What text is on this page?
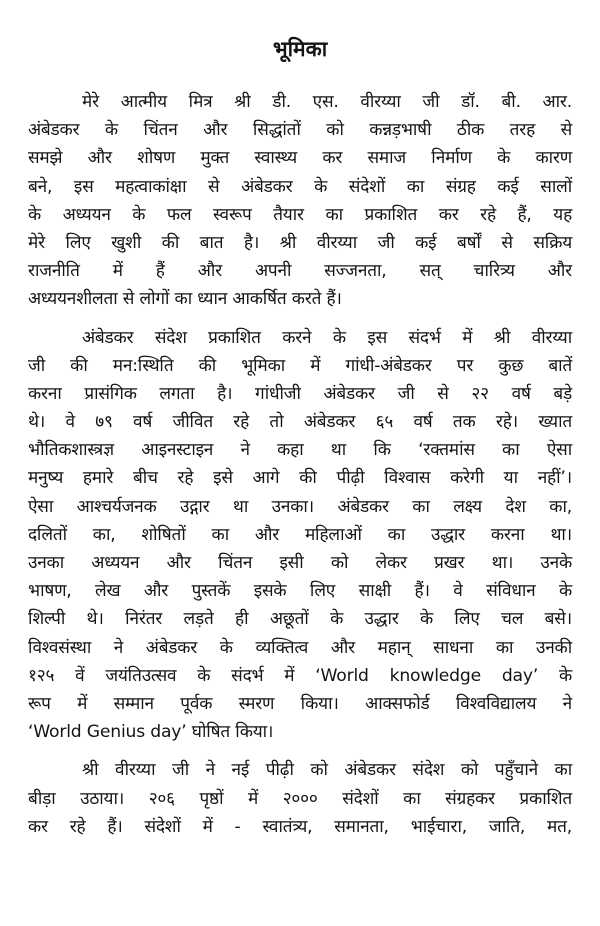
भूमिका
मेरे आत्मीय मित्र श्री डी. एस. वीरय्या जी डॉ. बी. आर.
अंबेडकर के चिंतन और सिद्धांतों को कन्नड़भाषी ठीक तरह से
समझे और शोषण मुक्त स्वास्थ्य कर समाज निर्माण के कारण
बने, इस महत्वाकांक्षा से अंबेडकर के संदेशों का संग्रह कई सालों
के अध्ययन के फल स्वरूप तैयार का प्रकाशित कर रहे हैं, यह
मेरे लिए खुशी की बात है। श्री वीरय्या जी कई बर्षों से सक्रिय
राजनीति में हैं और अपनी सज्जनता, सत् चारित्र्य और
अध्ययनशीलता से लोगों का ध्यान आकर्षित करते हैं।
अंबेडकर संदेश प्रकाशित करने के इस संदर्भ में श्री वीरय्या
जी की मन:स्थिति की भूमिका में गांधी-अंबेडकर पर कुछ बातें
करना प्रासंगिक लगता है। गांधीजी अंबेडकर जी से २२ वर्ष बड़े
थे। वे ७९ वर्ष जीवित रहे तो अंबेडकर ६५ वर्ष तक रहे। ख्यात
भौतिकशास्त्रज्ञ आइनस्टाइन ने कहा था कि ‘रक्तमांस का ऐसा
मनुष्य हमारे बीच रहे इसे आगे की पीढ़ी विश्वास करेगी या नहीं’।
ऐसा आश्चर्यजनक उद्गार था उनका। अंबेडकर का लक्ष्य देश का,
दलितों का, शोषितों का और महिलाओं का उद्धार करना था।
उनका अध्ययन और चिंतन इसी को लेकर प्रखर था। उनके
भाषण, लेख और पुस्तकें इसके लिए साक्षी हैं। वे संविधान के
शिल्पी थे। निरंतर लड़ते ही अछूतों के उद्धार के लिए चल बसे।
विश्वसंस्था ने अंबेडकर के व्यक्तित्व और महान् साधना का उनकी
१२५ वें जयंतिउत्सव के संदर्भ में ‘World knowledge day’ के
रूप में सम्मान पूर्वक स्मरण किया। आक्सफोर्ड विश्वविद्यालय ने
‘World Genius day’ घोषित किया।
श्री वीरय्या जी ने नई पीढ़ी को अंबेडकर संदेश को पहुँचाने का
बीड़ा उठाया। २०६ पृष्ठों में २००० संदेशों का संग्रहकर प्रकाशित
कर रहे हैं। संदेशों में - स्वातंत्र्य, समानता, भाईचारा, जाति, मत,
